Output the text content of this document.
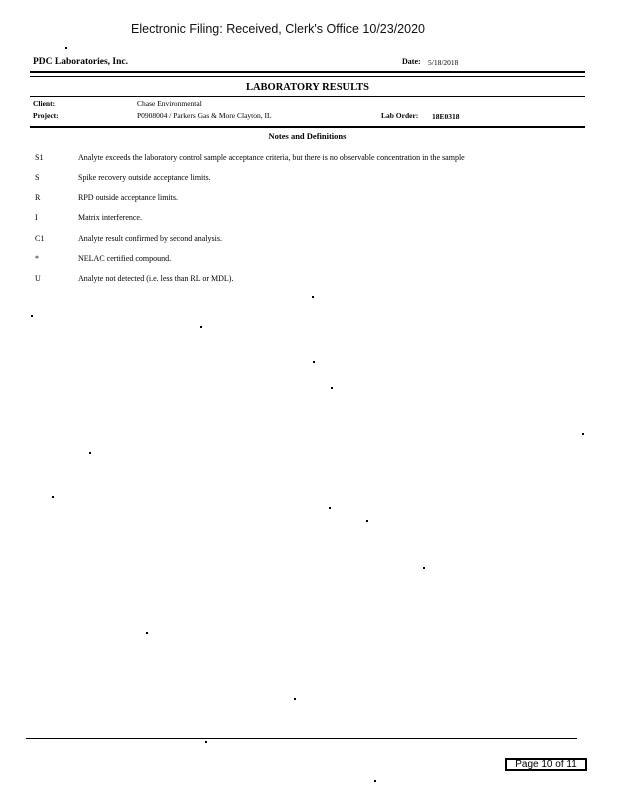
Electronic Filing: Received, Clerk's Office 10/23/2020
PDC Laboratories, Inc.	Date: 5/18/2018
LABORATORY RESULTS
Client:	Chase Environmental
Project:	P0908004 / Parkers Gas & More Clayton, IL	Lab Order: 18E0318
Notes and Definitions
S1	Analyte exceeds the laboratory control sample acceptance criteria, but there is no observable concentration in the sample
S	Spike recovery outside acceptance limits.
R	RPD outside acceptance limits.
I	Matrix interference.
C1	Analyte result confirmed by second analysis.
*	NELAC certified compound.
U	Analyte not detected (i.e. less than RL or MDL).
Page 10 of 11
